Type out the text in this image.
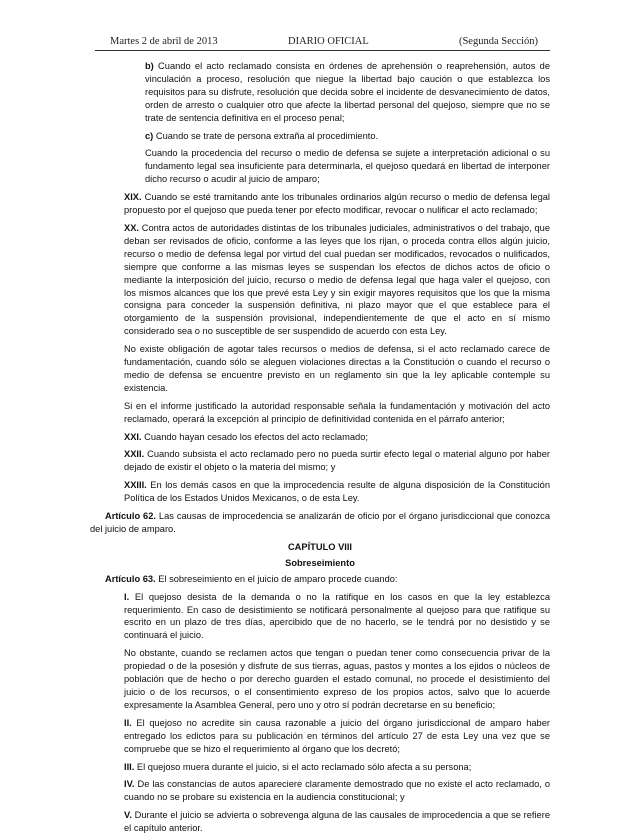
Martes 2 de abril de 2013	DIARIO OFICIAL	(Segunda Sección)

b) Cuando el acto reclamado consista en órdenes de aprehensión o reaprehensión, autos de vinculación a proceso, resolución que niegue la libertad bajo caución o que establezca los requisitos para su disfrute, resolución que decida sobre el incidente de desvanecimiento de datos, orden de arresto o cualquier otro que afecte la libertad personal del quejoso, siempre que no se trate de sentencia definitiva en el proceso penal;

c) Cuando se trate de persona extraña al procedimiento.

Cuando la procedencia del recurso o medio de defensa se sujete a interpretación adicional o su fundamento legal sea insuficiente para determinarla, el quejoso quedará en libertad de interponer dicho recurso o acudir al juicio de amparo;

XIX. Cuando se esté tramitando ante los tribunales ordinarios algún recurso o medio de defensa legal propuesto por el quejoso que pueda tener por efecto modificar, revocar o nulificar el acto reclamado;

XX. Contra actos de autoridades distintas de los tribunales judiciales, administrativos o del trabajo, que deban ser revisados de oficio, conforme a las leyes que los rijan, o proceda contra ellos algún juicio, recurso o medio de defensa legal por virtud del cual puedan ser modificados, revocados o nulificados, siempre que conforme a las mismas leyes se suspendan los efectos de dichos actos de oficio o mediante la interposición del juicio, recurso o medio de defensa legal que haga valer el quejoso, con los mismos alcances que los que prevé esta Ley y sin exigir mayores requisitos que los que la misma consigna para conceder la suspensión definitiva, ni plazo mayor que el que establece para el otorgamiento de la suspensión provisional, independientemente de que el acto en sí mismo considerado sea o no susceptible de ser suspendido de acuerdo con esta Ley.

No existe obligación de agotar tales recursos o medios de defensa, si el acto reclamado carece de fundamentación, cuando sólo se aleguen violaciones directas a la Constitución o cuando el recurso o medio de defensa se encuentre previsto en un reglamento sin que la ley aplicable contemple su existencia.

Si en el informe justificado la autoridad responsable señala la fundamentación y motivación del acto reclamado, operará la excepción al principio de definitividad contenida en el párrafo anterior;

XXI. Cuando hayan cesado los efectos del acto reclamado;

XXII. Cuando subsista el acto reclamado pero no pueda surtir efecto legal o material alguno por haber dejado de existir el objeto o la materia del mismo; y

XXIII. En los demás casos en que la improcedencia resulte de alguna disposición de la Constitución Política de los Estados Unidos Mexicanos, o de esta Ley.

Artículo 62. Las causas de improcedencia se analizarán de oficio por el órgano jurisdiccional que conozca del juicio de amparo.

CAPÍTULO VIII

Sobreseimiento

Artículo 63. El sobreseimiento en el juicio de amparo procede cuando:

I. El quejoso desista de la demanda o no la ratifique en los casos en que la ley establezca requerimiento. En caso de desistimiento se notificará personalmente al quejoso para que ratifique su escrito en un plazo de tres días, apercibido que de no hacerlo, se le tendrá por no desistido y se continuará el juicio.

No obstante, cuando se reclamen actos que tengan o puedan tener como consecuencia privar de la propiedad o de la posesión y disfrute de sus tierras, aguas, pastos y montes a los ejidos o núcleos de población que de hecho o por derecho guarden el estado comunal, no procede el desistimiento del juicio o de los recursos, o el consentimiento expreso de los propios actos, salvo que lo acuerde expresamente la Asamblea General, pero uno y otro sí podrán decretarse en su beneficio;

II. El quejoso no acredite sin causa razonable a juicio del órgano jurisdiccional de amparo haber entregado los edictos para su publicación en términos del artículo 27 de esta Ley una vez que se compruebe que se hizo el requerimiento al órgano que los decretó;

III. El quejoso muera durante el juicio, si el acto reclamado sólo afecta a su persona;

IV. De las constancias de autos apareciere claramente demostrado que no existe el acto reclamado, o cuando no se probare su existencia en la audiencia constitucional; y

V. Durante el juicio se advierta o sobrevenga alguna de las causales de improcedencia a que se refiere el capítulo anterior.
